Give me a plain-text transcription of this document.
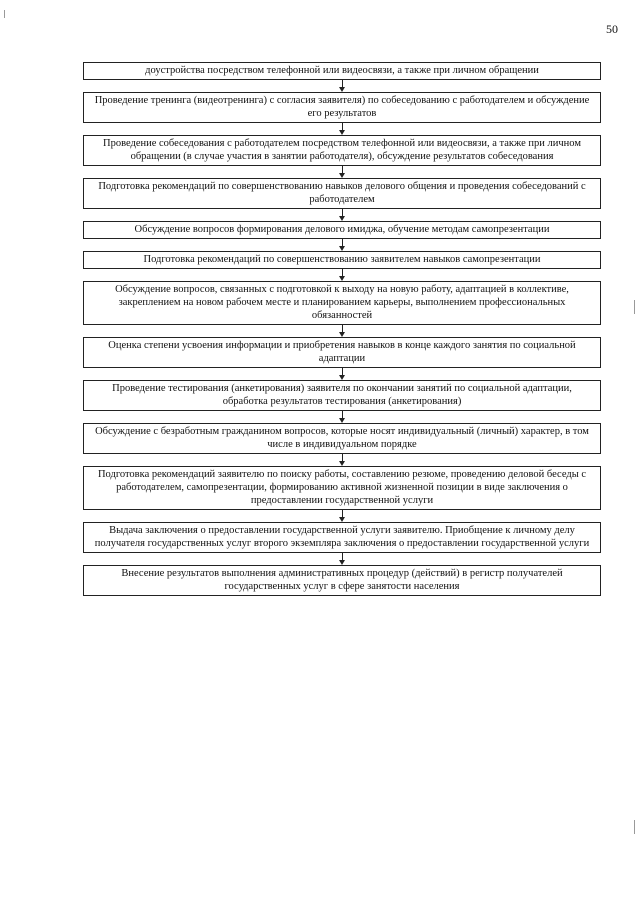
50
доустройства посредством телефонной или видеосвязи, а также при личном обращении
Проведение тренинга (видеотренинга) с согласия заявителя) по собеседованию с работодателем и обсуждение его результатов
Проведение собеседования с работодателем посредством телефонной или видеосвязи, а также при личном обращении (в случае участия в занятии работодателя), обсуждение результатов собеседования
Подготовка рекомендаций по совершенствованию навыков делового общения и проведения собеседований с работодателем
Обсуждение вопросов формирования делового имиджа, обучение методам самопрезентации
Подготовка рекомендаций по совершенствованию заявителем навыков самопрезентации
Обсуждение вопросов, связанных с подготовкой к выходу на новую работу, адаптацией в коллективе, закреплением на новом рабочем месте и планированием карьеры, выполнением профессиональных обязанностей
Оценка степени усвоения информации и приобретения навыков в конце каждого занятия по социальной адаптации
Проведение тестирования (анкетирования) заявителя по окончании занятий по социальной адаптации, обработка результатов тестирования (анкетирования)
Обсуждение с безработным гражданином вопросов, которые носят индивидуальный (личный) характер, в том числе в индивидуальном порядке
Подготовка рекомендаций заявителю по поиску работы, составлению резюме, проведению деловой беседы с работодателем, самопрезентации, формированию активной жизненной позиции в виде заключения о предоставлении государственной услуги
Выдача заключения о предоставлении государственной услуги заявителю. Приобщение к личному делу получателя государственных услуг второго экземпляра заключения о предоставлении государственной услуги
Внесение результатов выполнения административных процедур (действий) в регистр получателей государственных услуг в сфере занятости населения
